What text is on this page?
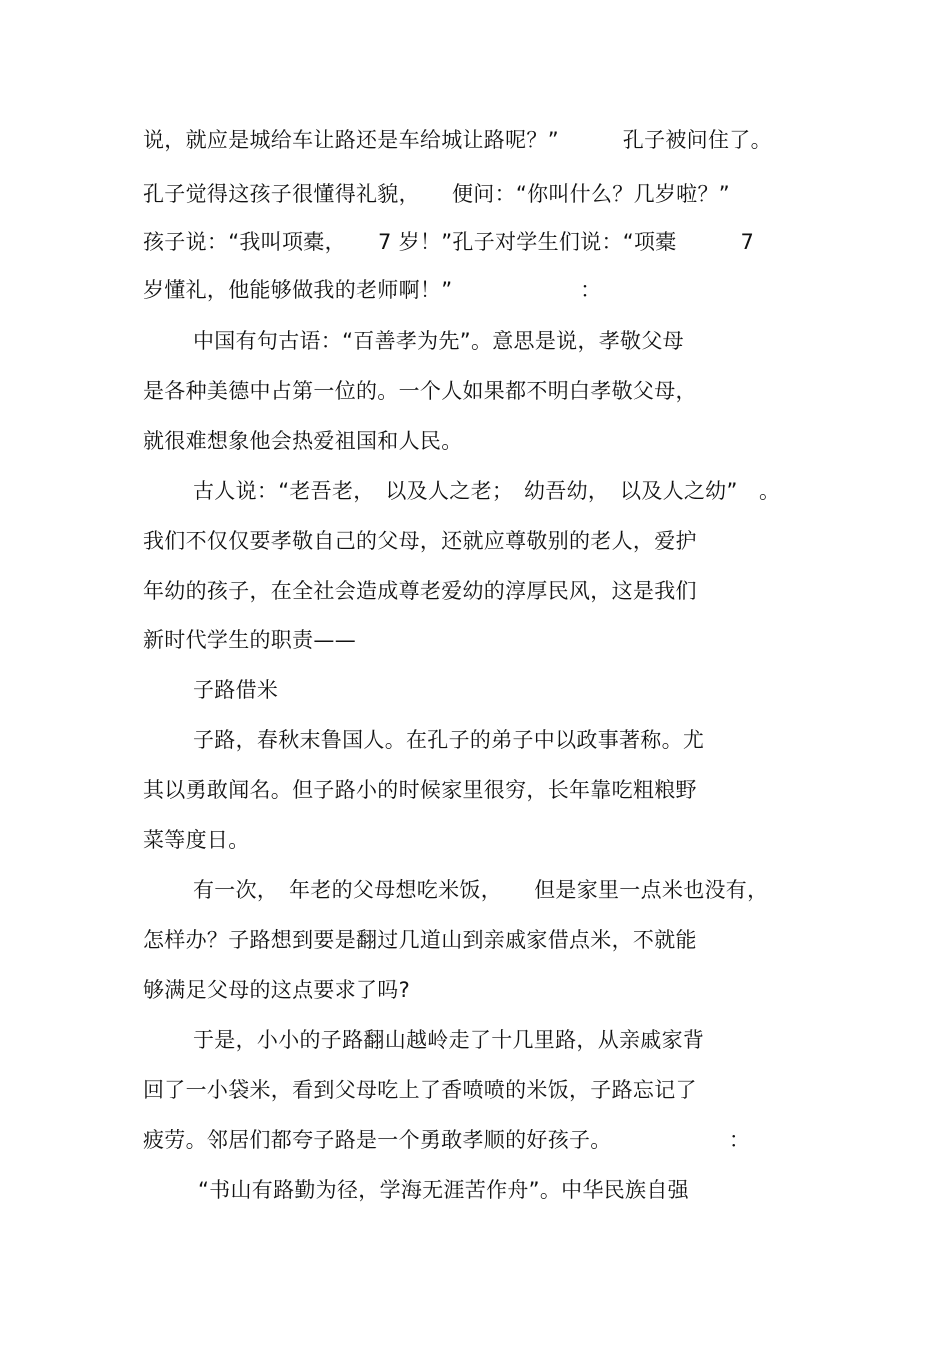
说，就应是城给车让路还是车给城让路呢？”　　　孔子被问住了。
孔子觉得这孩子很懂得礼貌，　　便问：“你叫什么？几岁啦？”
孩子说：“我叫项橐，　　7 岁！”孔子对学生们说：“项橐　　　7
岁懂礼，他能够做我的老师啊！”　　　　　　：
中国有句古语：“百善孝为先”。意思是说，孝敬父母
是各种美德中占第一位的。一个人如果都不明白孝敬父母，
就很难想象他会热爱祖国和人民。
古人说：“老吾老，　以及人之老；　幼吾幼，　以及人之幼”　。
我们不仅仅要孝敬自己的父母，还就应尊敬别的老人，爱护
年幼的孩子，在全社会造成尊老爱幼的淳厚民风，这是我们
新时代学生的职责——
子路借米
子路，春秋末鲁国人。在孔子的弟子中以政事著称。尤
其以勇敢闻名。但子路小的时候家里很穷，长年靠吃粗粮野
菜等度日。
有一次，　年老的父母想吃米饭，　　但是家里一点米也没有，
怎样办？子路想到要是翻过几道山到亲戚家借点米，不就能
够满足父母的这点要求了吗?
于是，小小的子路翻山越岭走了十几里路，从亲戚家背
回了一小袋米，看到父母吃上了香喷喷的米饭，子路忘记了
疲劳。邻居们都夸子路是一个勇敢孝顺的好孩子。　　　　　　：
“书山有路勤为径，学海无涯苦作舟”。中华民族自强
